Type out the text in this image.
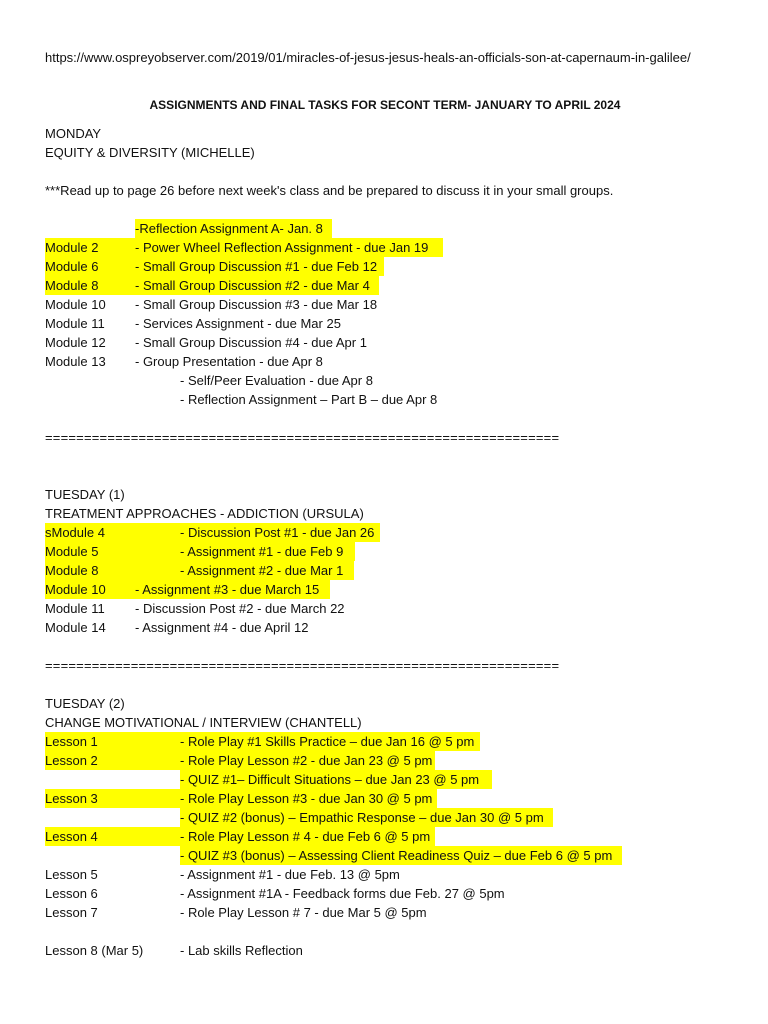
https://www.ospreyobserver.com/2019/01/miracles-of-jesus-jesus-heals-an-officials-son-at-capernaum-in-galilee/
ASSIGNMENTS AND FINAL TASKS FOR SECONT TERM- JANUARY TO APRIL 2024
MONDAY
EQUITY & DIVERSITY (MICHELLE)
***Read up to page 26 before next week's class and be prepared to discuss it in your small groups.
-Reflection Assignment A- Jan. 8
Module 2	- Power Wheel Reflection Assignment - due Jan 19
Module 6	- Small Group Discussion #1 - due Feb 12
Module 8	- Small Group Discussion #2 - due Mar 4
Module 10 - Small Group Discussion #3 - due Mar 18
Module 11 - Services Assignment - due Mar 25
Module 12 - Small Group Discussion #4 - due Apr 1
Module 13 - Group Presentation - due Apr 8
- Self/Peer Evaluation - due Apr 8
- Reflection Assignment – Part B – due Apr 8
==================================================================
TUESDAY (1)
TREATMENT APPROACHES - ADDICTION (URSULA)
sModule 4	- Discussion Post #1 - due Jan 26
Module 5	- Assignment #1 - due Feb 9
Module 8	- Assignment #2 - due Mar 1
Module 10 - Assignment #3 - due March 15
Module 11 - Discussion Post #2 - due March 22
Module 14 - Assignment #4 - due April 12
==================================================================
TUESDAY (2)
CHANGE MOTIVATIONAL / INTERVIEW (CHANTELL)
Lesson 1	- Role Play #1 Skills Practice – due Jan 16 @ 5 pm
Lesson 2	- Role Play Lesson #2 - due Jan 23 @ 5 pm
- QUIZ #1– Difficult Situations – due Jan 23 @ 5 pm
Lesson 3	- Role Play Lesson #3 - due Jan 30 @ 5 pm
- QUIZ #2 (bonus) – Empathic Response – due Jan 30 @ 5 pm
Lesson 4	- Role Play Lesson # 4 - due Feb 6 @ 5 pm
- QUIZ #3 (bonus) – Assessing Client Readiness Quiz – due Feb 6 @ 5 pm
Lesson 5	- Assignment #1 - due Feb. 13 @ 5pm
Lesson 6	- Assignment #1A - Feedback forms due Feb. 27 @ 5pm
Lesson 7	- Role Play Lesson # 7 - due Mar 5 @ 5pm
Lesson 8 (Mar 5)	- Lab skills Reflection
